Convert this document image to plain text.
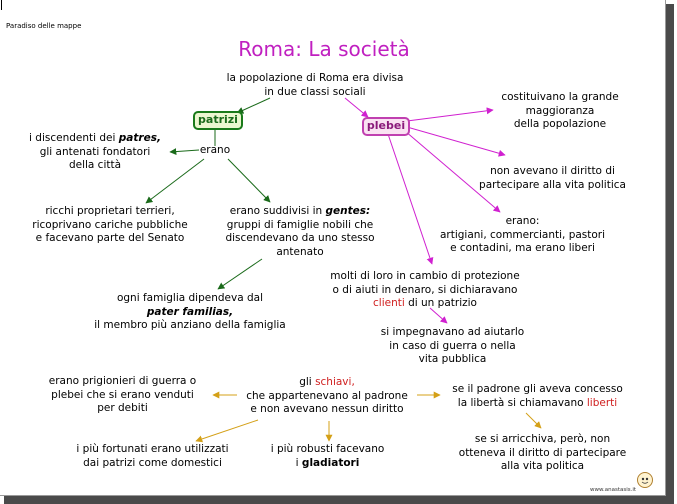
Paradiso delle mappe
Roma: La società
la popolazione di Roma era divisa
in due classi sociali
patrizi
erano
plebei
i discendenti dei patres,
gli antenati fondatori
della città
ricchi proprietari terrieri,
ricoprivano cariche pubbliche
e facevano parte del Senato
erano suddivisi in gentes:
gruppi di famiglie nobili che
discendevano da uno stesso
antenato
ogni famiglia dipendeva dal
pater familias,
il membro più anziano della famiglia
costituivano la grande
maggioranza
della popolazione
non avevano il diritto di
partecipare alla vita politica
erano:
artigiani, commercianti, pastori
e contadini, ma erano liberi
molti di loro in cambio di protezione
o di aiuti in denaro, si dichiaravano
clienti di un patrizio
si impegnavano ad aiutarlo
in caso di guerra o nella
vita pubblica
gli schiavi,
che appartenevano al padrone
e non avevano nessun diritto
erano prigionieri di guerra o
plebei che si erano venduti
per debiti
se il padrone gli aveva concesso
la libertà si chiamavano liberti
i più fortunati erano utilizzati
dai patrizi come domestici
i più robusti facevano
i gladiatori
se si arricchiva, però, non
otteneva il diritto di partecipare
alla vita politica
www.anastasis.it
